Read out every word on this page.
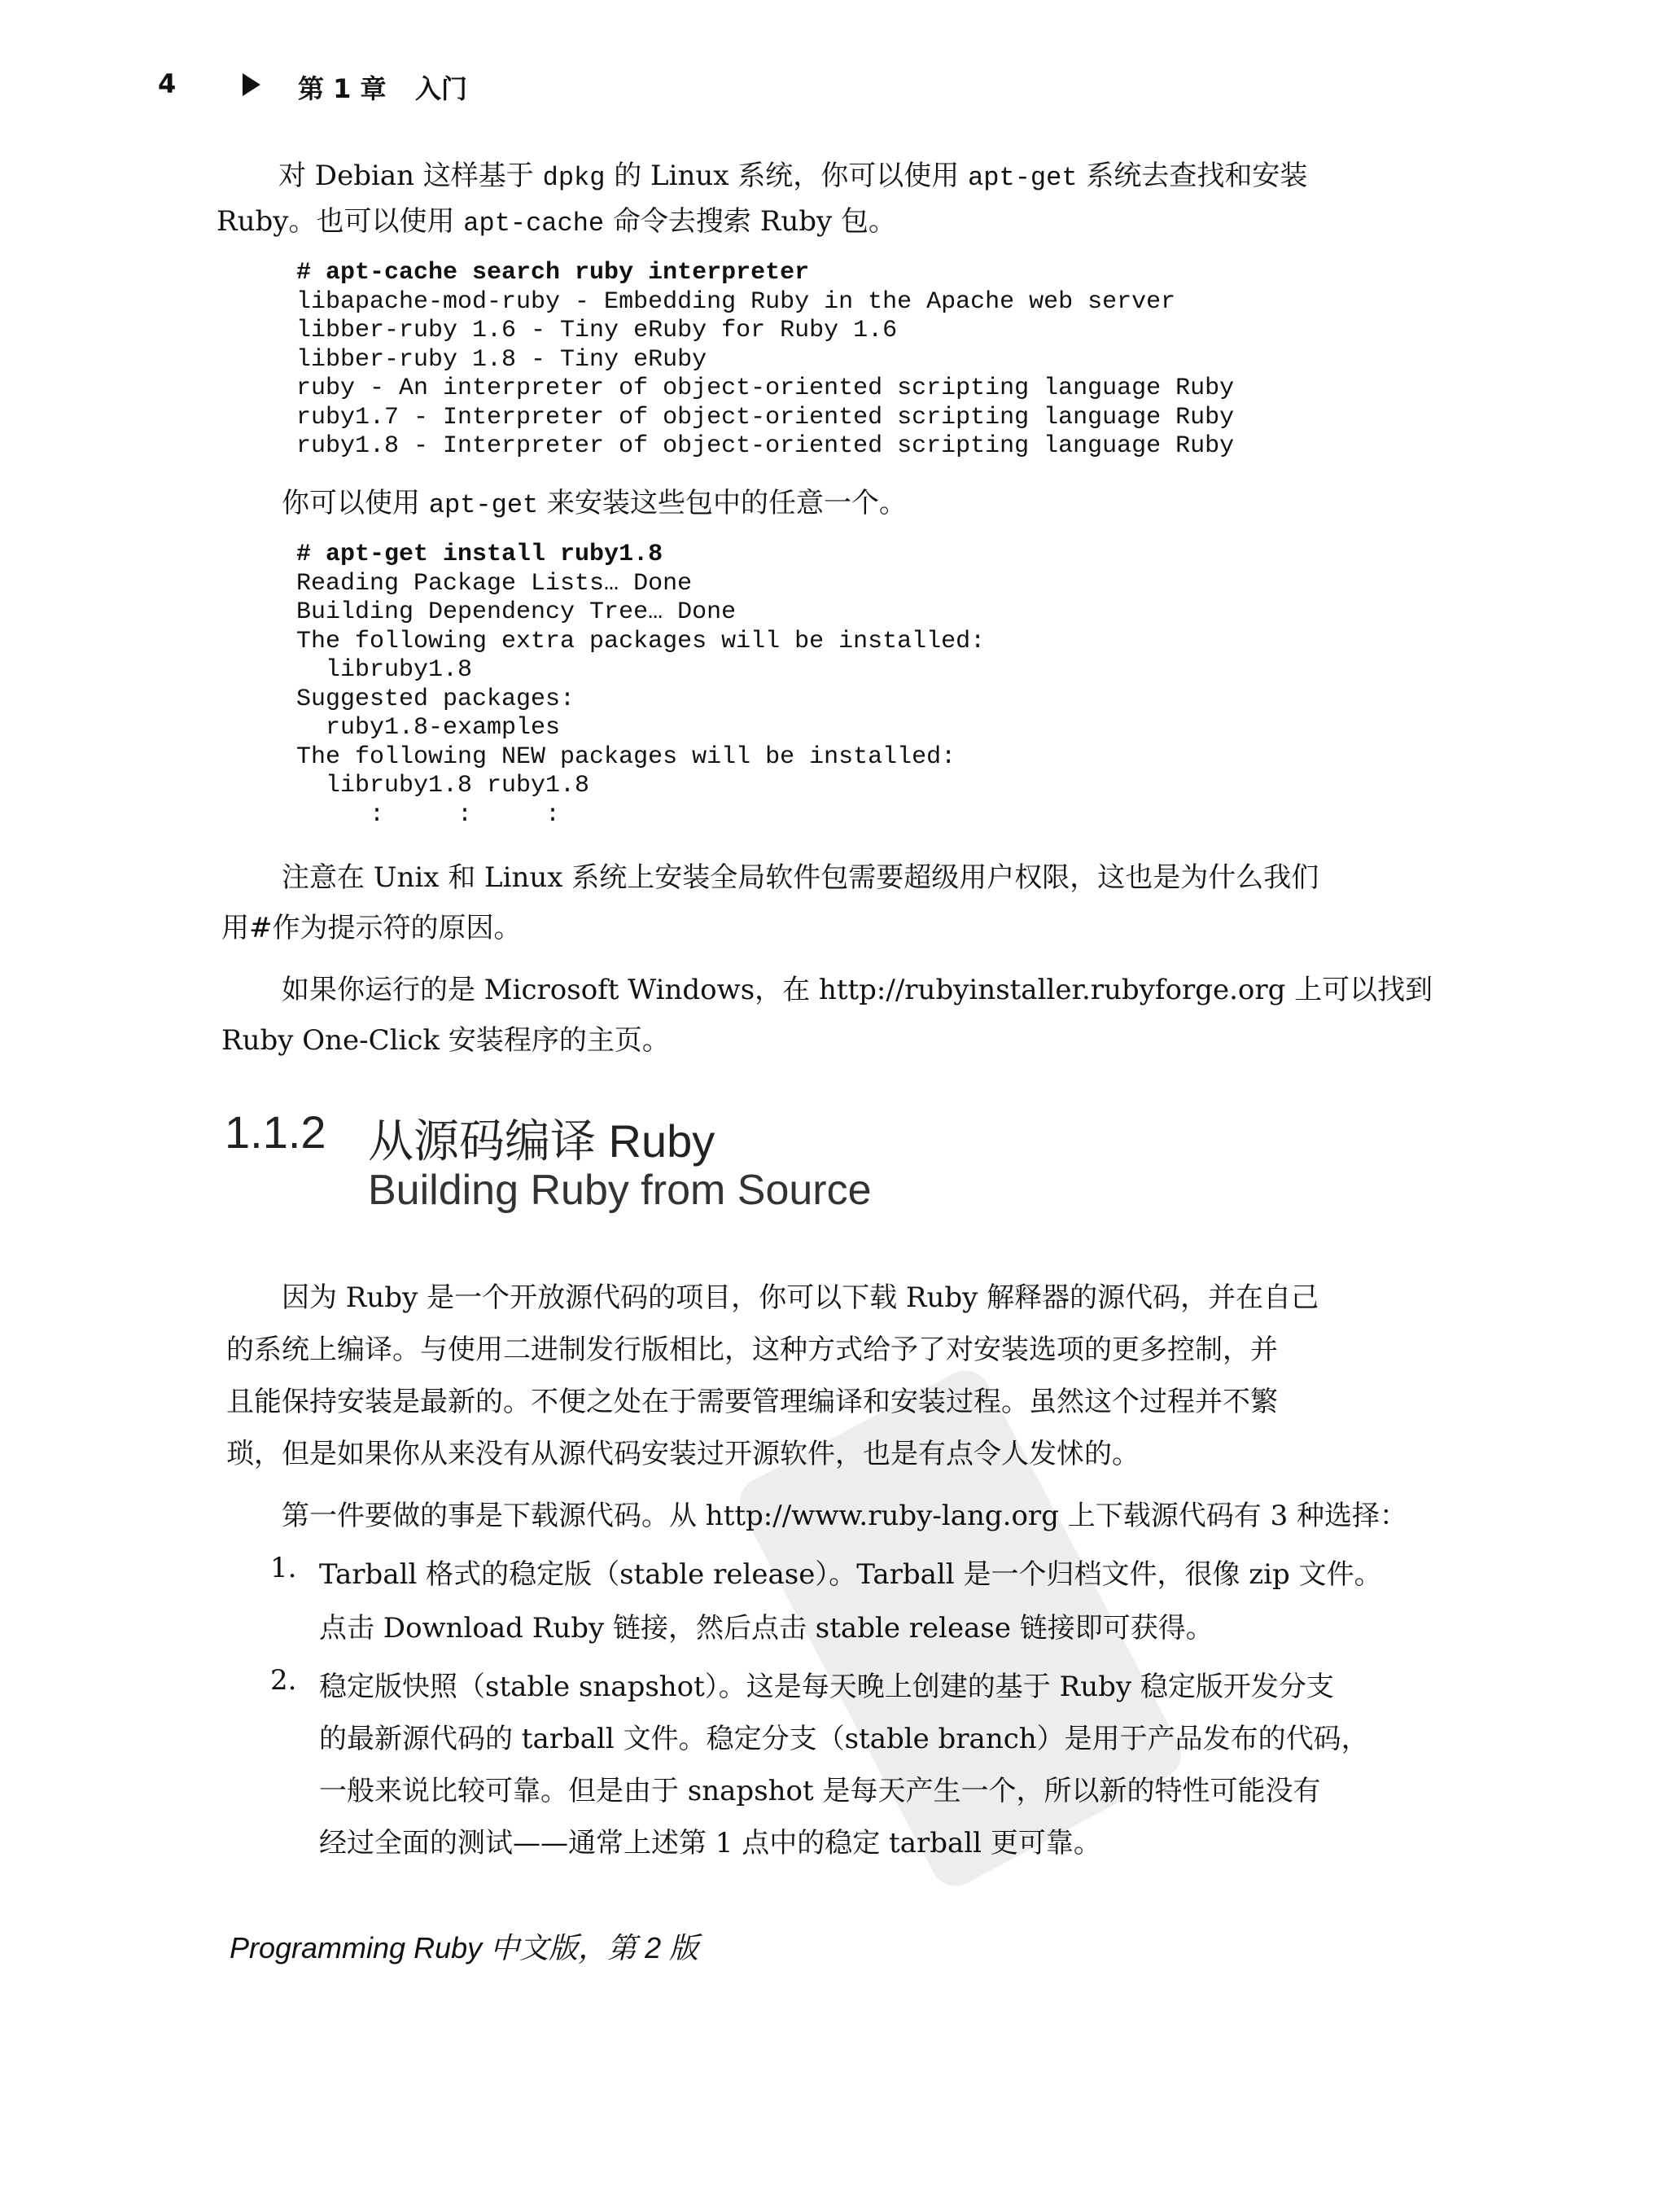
4	第 1 章 入门
对 Debian 这样基于 dpkg 的 Linux 系统，你可以使用 apt-get 系统去查找和安装
Ruby。也可以使用 apt-cache 命令去搜索 Ruby 包。
# apt-cache search ruby interpreter
libapache-mod-ruby - Embedding Ruby in the Apache web server
libber-ruby 1.6 - Tiny eRuby for Ruby 1.6
libber-ruby 1.8 - Tiny eRuby
ruby - An interpreter of object-oriented scripting language Ruby
ruby1.7 - Interpreter of object-oriented scripting language Ruby
ruby1.8 - Interpreter of object-oriented scripting language Ruby
你可以使用 apt-get 来安装这些包中的任意一个。
# apt-get install ruby1.8
Reading Package Lists… Done
Building Dependency Tree… Done
The following extra packages will be installed:
libruby1.8
Suggested packages:
ruby1.8-examples
The following NEW packages will be installed:
libruby1.8 ruby1.8
:     :     :
注意在 Unix 和 Linux 系统上安装全局软件包需要超级用户权限，这也是为什么我们
用#作为提示符的原因。
如果你运行的是 Microsoft Windows，在 http://rubyinstaller.rubyforge.org 上可以找到
Ruby One-Click 安装程序的主页。
1.1.2 从源码编译 Ruby
Building Ruby from Source
因为 Ruby 是一个开放源代码的项目，你可以下载 Ruby 解释器的源代码，并在自己
的系统上编译。与使用二进制发行版相比，这种方式给予了对安装选项的更多控制，并
且能保持安装是最新的。不便之处在于需要管理编译和安装过程。虽然这个过程并不繁
琐，但是如果你从来没有从源代码安装过开源软件，也是有点令人发怵的。
第一件要做的事是下载源代码。从 http://www.ruby-lang.org 上下载源代码有 3 种选择：
1. Tarball 格式的稳定版（stable release）。Tarball 是一个归档文件，很像 zip 文件。
点击 Download Ruby 链接，然后点击 stable release 链接即可获得。
2. 稳定版快照（stable snapshot）。这是每天晚上创建的基于 Ruby 稳定版开发分支
的最新源代码的 tarball 文件。稳定分支（stable branch）是用于产品发布的代码，
一般来说比较可靠。但是由于 snapshot 是每天产生一个，所以新的特性可能没有
经过全面的测试——通常上述第 1 点中的稳定 tarball 更可靠。
Programming Ruby 中文版，第 2 版
